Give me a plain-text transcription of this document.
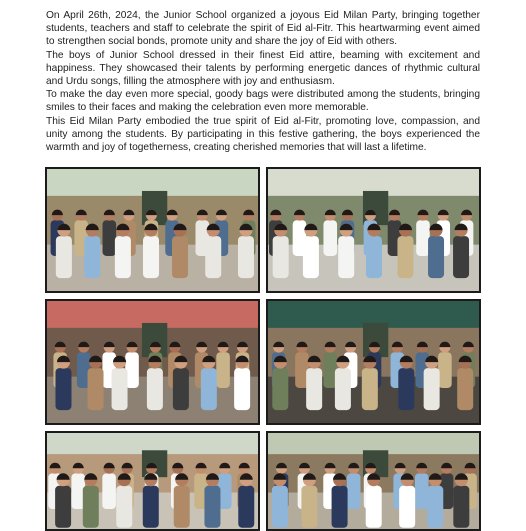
On April 26th, 2024, the Junior School organized a joyous Eid Milan Party, bringing together students, teachers and staff to celebrate the spirit of Eid al-Fitr. This heartwarming event aimed to strengthen social bonds, promote unity and share the joy of Eid with others.

The boys of Junior School dressed in their finest Eid attire, beaming with excitement and happiness. They showcased their talents by performing energetic dances of rhythmic cultural and Urdu songs, filling the atmosphere with joy and enthusiasm.

To make the day even more special, goody bags were distributed among the students, bringing smiles to their faces and making the celebration even more memorable.

This Eid Milan Party embodied the true spirit of Eid al-Fitr, promoting love, compassion, and unity among the students. By participating in this festive gathering, the boys experienced the warmth and joy of togetherness, creating cherished memories that will last a lifetime.
